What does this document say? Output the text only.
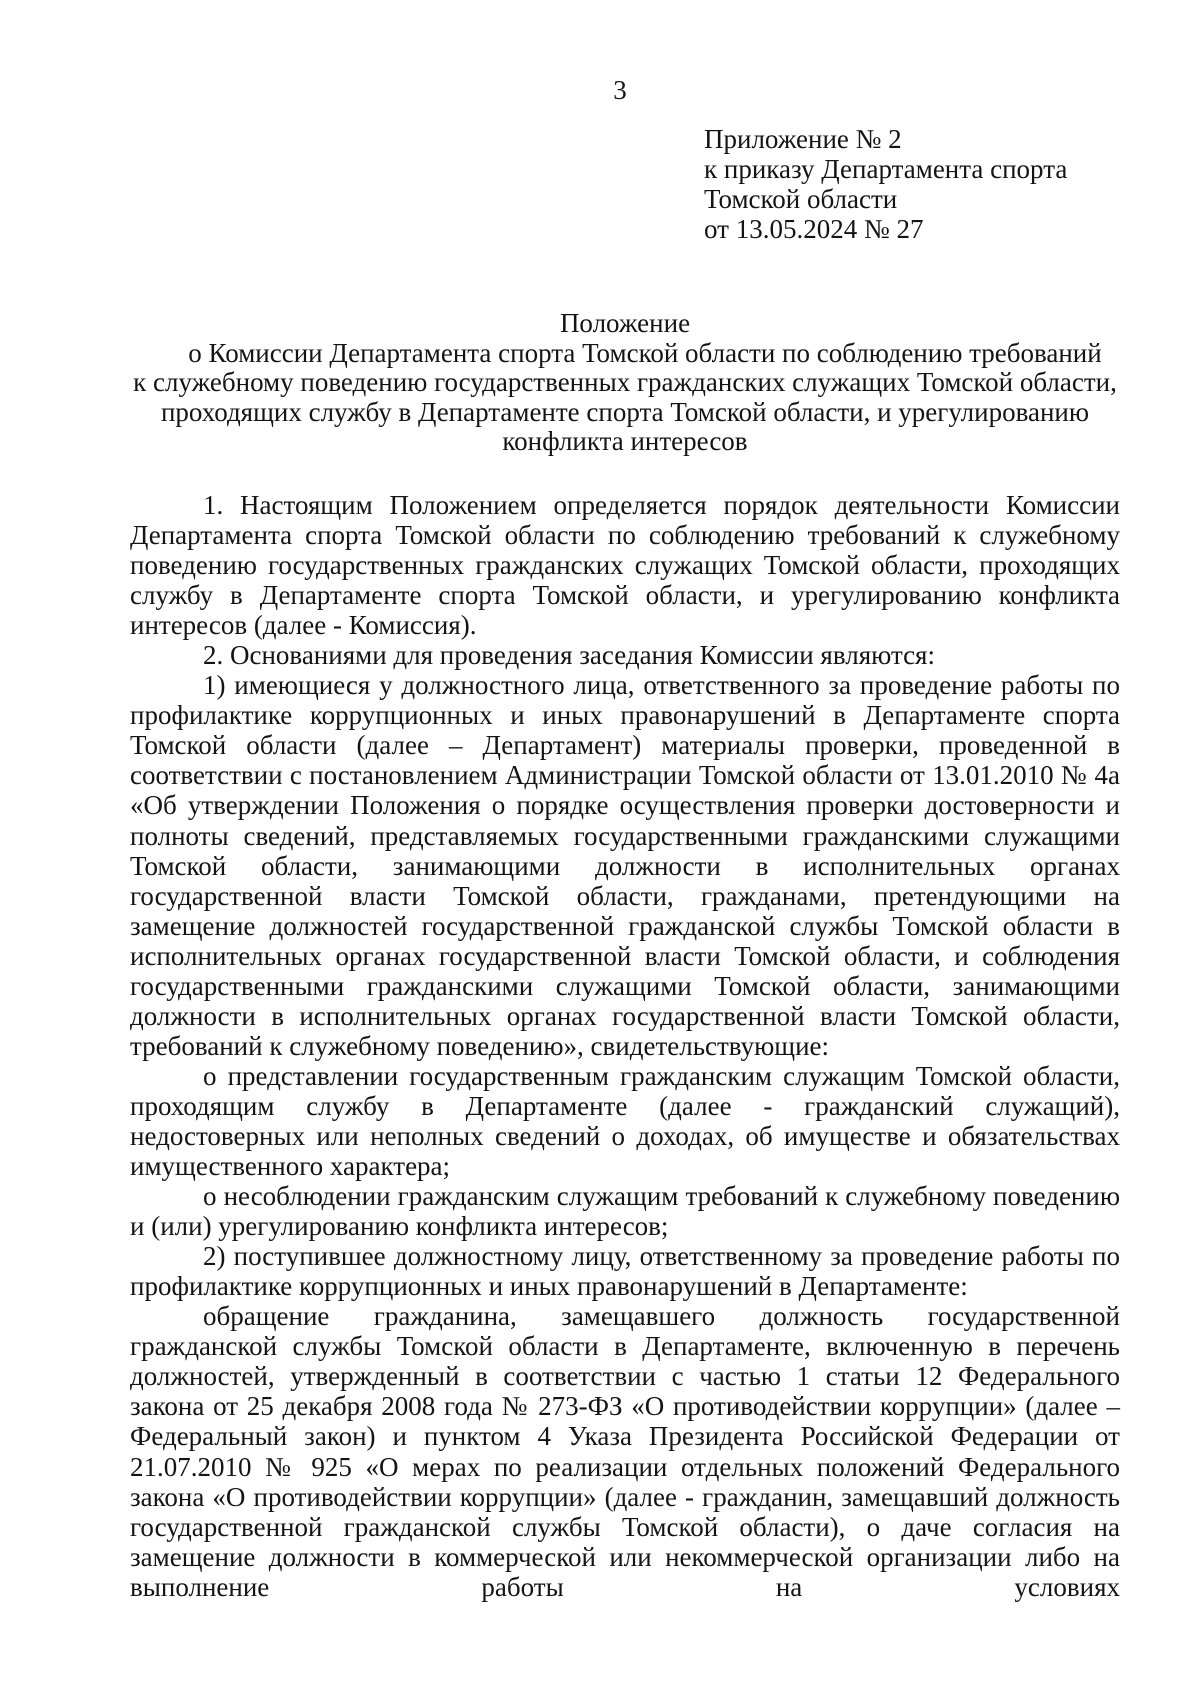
3
Приложение № 2
к приказу Департамента спорта
Томской области
от 13.05.2024 № 27
Положение
о Комиссии Департамента спорта Томской области по соблюдению требований
к служебному поведению государственных гражданских служащих Томской области,
проходящих службу в Департаменте спорта Томской области, и урегулированию
конфликта интересов

1. Настоящим Положением определяется порядок деятельности Комиссии Департамента спорта Томской области по соблюдению требований к служебному поведению государственных гражданских служащих Томской области, проходящих службу в Департаменте спорта Томской области, и урегулированию конфликта интересов (далее - Комиссия).

2. Основаниями для проведения заседания Комиссии являются:

1) имеющиеся у должностного лица, ответственного за проведение работы по профилактике коррупционных и иных правонарушений в Департаменте спорта Томской области (далее – Департамент) материалы проверки, проведенной в соответствии с постановлением Администрации Томской области от 13.01.2010 № 4а «Об утверждении Положения о порядке осуществления проверки достоверности и полноты сведений, представляемых государственными гражданскими служащими Томской области, занимающими должности в исполнительных органах государственной власти Томской области, гражданами, претендующими на замещение должностей государственной гражданской службы Томской области в исполнительных органах государственной власти Томской области, и соблюдения государственными гражданскими служащими Томской области, занимающими должности в исполнительных органах государственной власти Томской области, требований к служебному поведению», свидетельствующие:

о представлении государственным гражданским служащим Томской области, проходящим службу в Департаменте (далее - гражданский служащий), недостоверных или неполных сведений о доходах, об имуществе и обязательствах имущественного характера;

о несоблюдении гражданским служащим требований к служебному поведению и (или) урегулированию конфликта интересов;

2) поступившее должностному лицу, ответственному за проведение работы по профилактике коррупционных и иных правонарушений в Департаменте:

обращение гражданина, замещавшего должность государственной гражданской службы Томской области в Департаменте, включенную в перечень должностей, утвержденный в соответствии с частью 1 статьи 12 Федерального закона от 25 декабря 2008 года № 273-ФЗ «О противодействии коррупции» (далее – Федеральный закон) и пунктом 4 Указа Президента Российской Федерации от 21.07.2010 № 925 «О мерах по реализации отдельных положений Федерального закона «О противодействии коррупции» (далее - гражданин, замещавший должность государственной гражданской службы Томской области), о даче согласия на замещение должности в коммерческой или некоммерческой организации либо на выполнение работы на условиях
